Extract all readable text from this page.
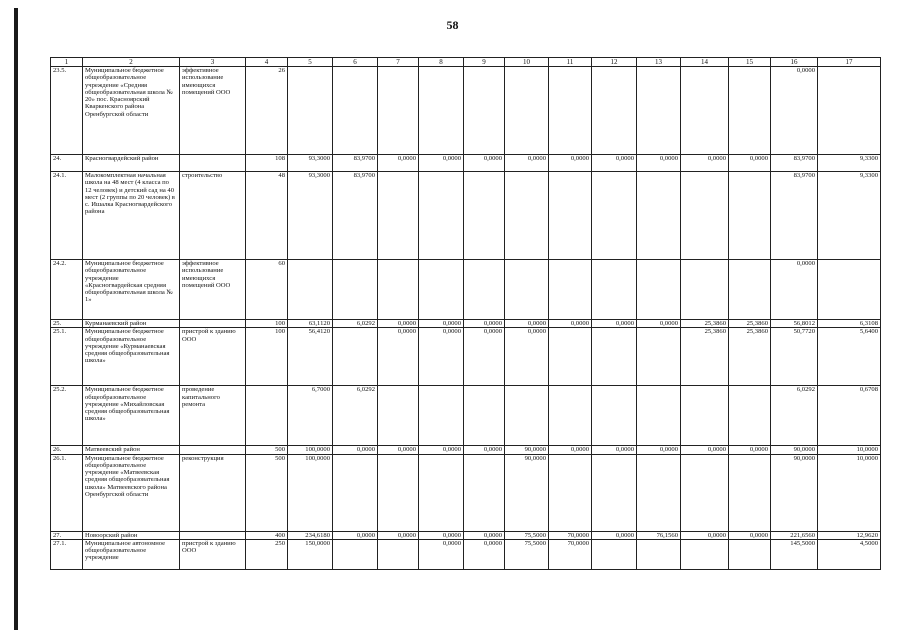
58
1	2	3	4	5	6	7	8	9	10	11	12	13	14	15	16	17
23.5.	Муниципальное бюджетное общеобразовательное учреждение «Средняя общеобразовательная школа № 20» пос. Красноярский Кваркенского района Оренбургской области	эффективное использование имеющихся помещений ООО	26												0,0000	
24.	Красногвардейский район		108	93,3000	83,9700	0,0000	0,0000	0,0000	0,0000	0,0000	0,0000	0,0000	0,0000	0,0000	83,9700	9,3300
24.1.	Малокомплектная начальная школа на 48 мест (4 класса по 12 человек) и детский сад на 40 мест (2 группы по 20 человек) в с. Ишалка Красногвардейского района	строительство	48	93,3000	83,9700										83,9700	9,3300
24.2.	Муниципальное бюджетное общеобразовательное учреждение «Красногвардейская средняя общеобразовательная школа № 1»	эффективное использование имеющихся помещений ООО	60												0,0000	
25.	Курманаевский район		100	63,1120	6,0292	0,0000	0,0000	0,0000	0,0000	0,0000	0,0000	0,0000	25,3860	25,3860	56,8012	6,3108
25.1.	Муниципальное бюджетное общеобразовательное учреждение «Курманаевская средняя общеобразовательная школа»	пристрой к зданию ООО	100	56,4120		0,0000	0,0000	0,0000	0,0000				25,3860	25,3860	50,7720	5,6400
25.2.	Муниципальное бюджетное общеобразовательное учреждение «Михайловская средняя общеобразовательная школа»	проведение капитального ремонта		6,7000	6,0292										6,0292	0,6708
26.	Матвеевский район		500	100,0000	0,0000	0,0000	0,0000	0,0000	90,0000	0,0000	0,0000	0,0000	0,0000	0,0000	90,0000	10,0000
26.1.	Муниципальное бюджетное общеобразовательное учреждение «Матвеевская средняя общеобразовательная школа» Матвеевского района Оренбургской области	реконструкция	500	100,0000					90,0000						90,0000	10,0000
27.	Новоорский район		400	234,6180	0,0000	0,0000	0,0000	0,0000	75,5000	70,0000	0,0000	76,1560	0,0000	0,0000	221,6560	12,9620
27.1.	Муниципальное автономное общеобразовательное учреждение	пристрой к зданию ООО	250	150,0000			0,0000	0,0000	75,5000	70,0000					145,5000	4,5000
